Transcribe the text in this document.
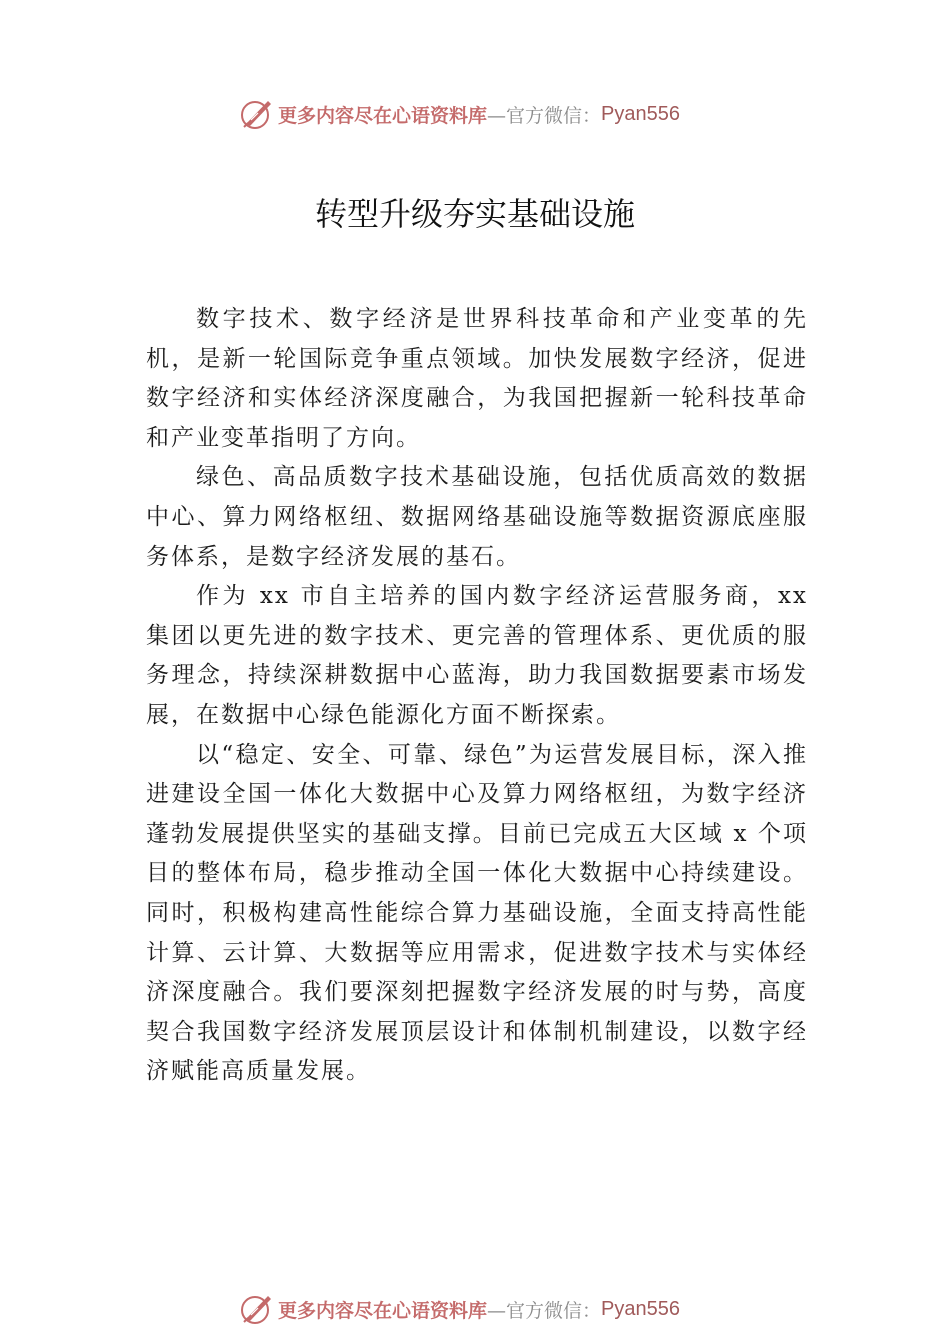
更多内容尽在心语资料库 —官方微信： Pyan556
转型升级夯实基础设施

数字技术、数字经济是世界科技革命和产业变革的先机，是新一轮国际竞争重点领域。加快发展数字经济，促进数字经济和实体经济深度融合，为我国把握新一轮科技革命和产业变革指明了方向。

绿色、高品质数字技术基础设施，包括优质高效的数据中心、算力网络枢纽、数据网络基础设施等数据资源底座服务体系，是数字经济发展的基石。

作为 xx 市自主培养的国内数字经济运营服务商，xx 集团以更先进的数字技术、更完善的管理体系、更优质的服务理念，持续深耕数据中心蓝海，助力我国数据要素市场发展，在数据中心绿色能源化方面不断探索。

以“稳定、安全、可靠、绿色”为运营发展目标，深入推进建设全国一体化大数据中心及算力网络枢纽，为数字经济蓬勃发展提供坚实的基础支撑。目前已完成五大区域 x 个项目的整体布局，稳步推动全国一体化大数据中心持续建设。同时，积极构建高性能综合算力基础设施，全面支持高性能 计算、云计算、大数据等应用需求，促进数字技术与实体经 济深度融合。我们要深刻把握数字经济发展的时与势，高度 契合我国数字经济发展顶层设计和体制机制建设，以数字经 济赋能高质量发展。

更多内容尽在心语资料库 —官方微信： Pyan556
